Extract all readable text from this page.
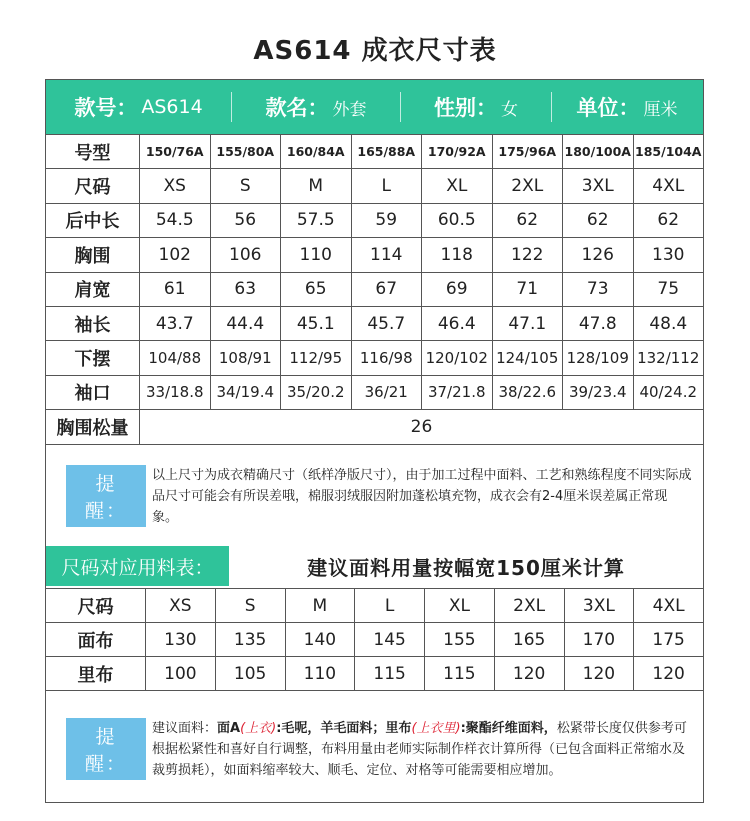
AS614 成衣尺寸表
款号： AS614	款名： 外套	性别： 女	单位： 厘米
号型	150/76A	155/80A	160/84A	165/88A	170/92A	175/96A	180/100A	185/104A
尺码	XS	S	M	L	XL	2XL	3XL	4XL
后中长	54.5	56	57.5	59	60.5	62	62	62
胸围	102	106	110	114	118	122	126	130
肩宽	61	63	65	67	69	71	73	75
袖长	43.7	44.4	45.1	45.7	46.4	47.1	47.8	48.4
下摆	104/88	108/91	112/95	116/98	120/102	124/105	128/109	132/112
袖口	33/18.8	34/19.4	35/20.2	36/21	37/21.8	38/22.6	39/23.4	40/24.2
胸围松量	26							
提 醒：
以上尺寸为成衣精确尺寸（纸样净版尺寸），由于加工过程中面料、工艺和熟练程度不同实际成品尺寸可能会有所误差哦，棉服羽绒服因附加蓬松填充物，成衣会有2-4厘米误差属正常现象。
尺码对应用料表：	建议面料用量按幅宽150厘米计算
尺码	XS	S	M	L	XL	2XL	3XL	4XL
面布	130	135	140	145	155	165	170	175
里布	100	105	110	115	115	120	120	120
提 醒：
建议面料：面A(上衣):毛呢，羊毛面料；里布(上衣里):聚酯纤维面料，松紧带长度仅供参考可根据松紧性和喜好自行调整，布料用量由老师实际制作样衣计算所得（已包含面料正常缩水及裁剪损耗），如面料缩率较大、顺毛、定位、对格等可能需要相应增加。
